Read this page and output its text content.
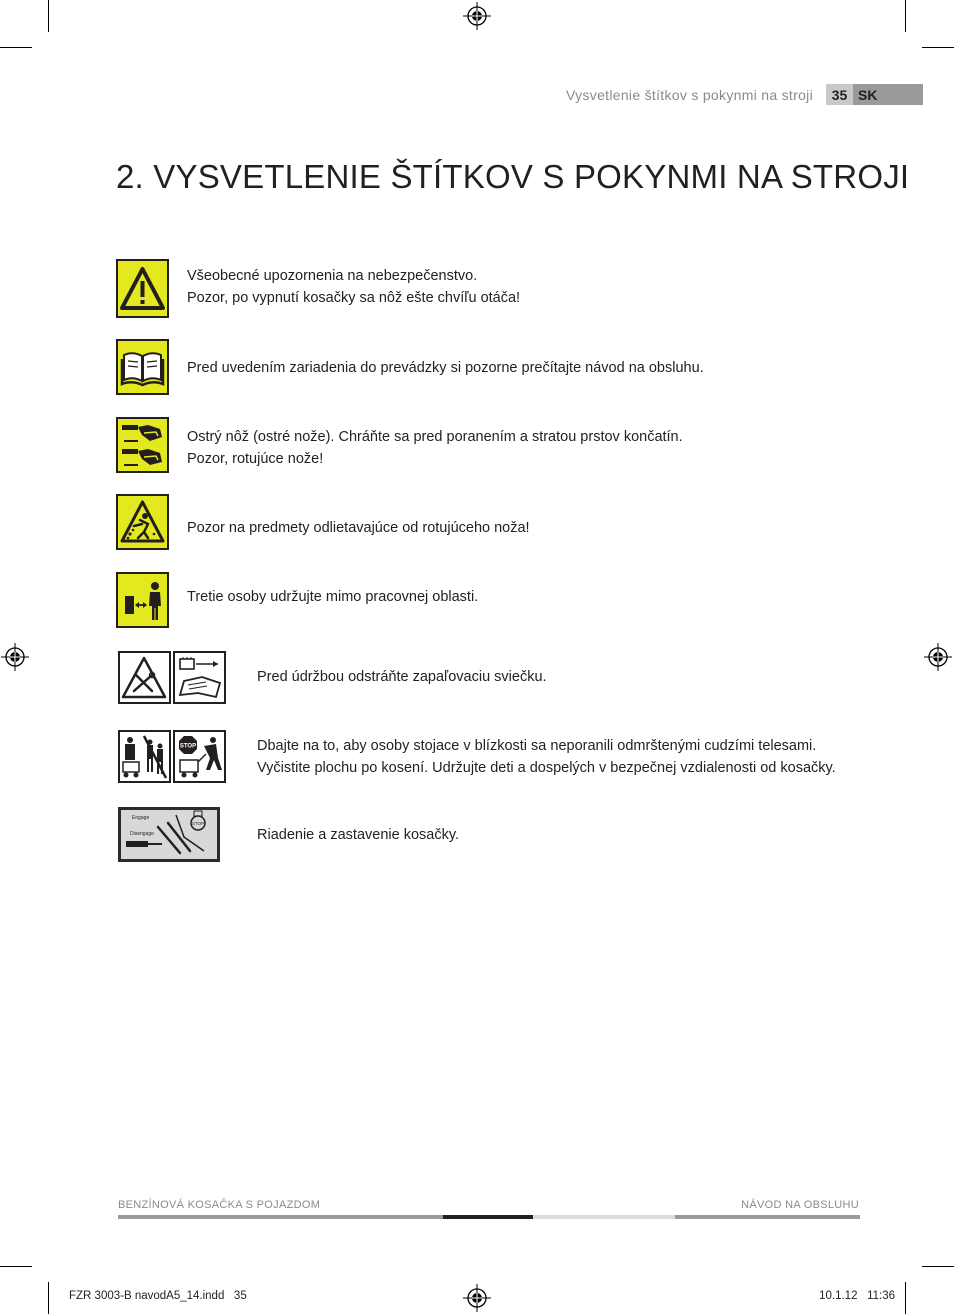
Vysvetlenie štítkov s pokynmi na stroji	35 SK
2. VYSVETLENIE ŠTÍTKOV S POKYNMI NA STROJI
Všeobecné upozornenia na nebezpečenstvo.
Pozor, po vypnutí kosačky sa nôž ešte chvíľu otáča!
Pred uvedením zariadenia do prevádzky si pozorne prečítajte návod na obsluhu.
Ostrý nôž (ostré nože). Chráňte sa pred poranením a stratou prstov končatín.
Pozor, rotujúce nože!
Pozor na predmety odlietavajúce od rotujúceho noža!
Tretie osoby udržujte mimo pracovnej oblasti.
Pred údržbou odstráňte zapaľovaciu sviečku.
STOP	Dbajte na to, aby osoby stojace v blízkosti sa neporanili odmrštenými cudzími telesami.
Vyčistite plochu po kosení. Udržujte deti a dospelých v bezpečnej vzdialenosti od kosačky.
Engage
Disengage
STOP
Riadenie a zastavenie kosačky.
BENZÍNOVÁ KOSAČKA S POJAZDOM	NÁVOD NA OBSLUHU
FZR 3003-B navodA5_14.indd   35	10.1.12   11:36
